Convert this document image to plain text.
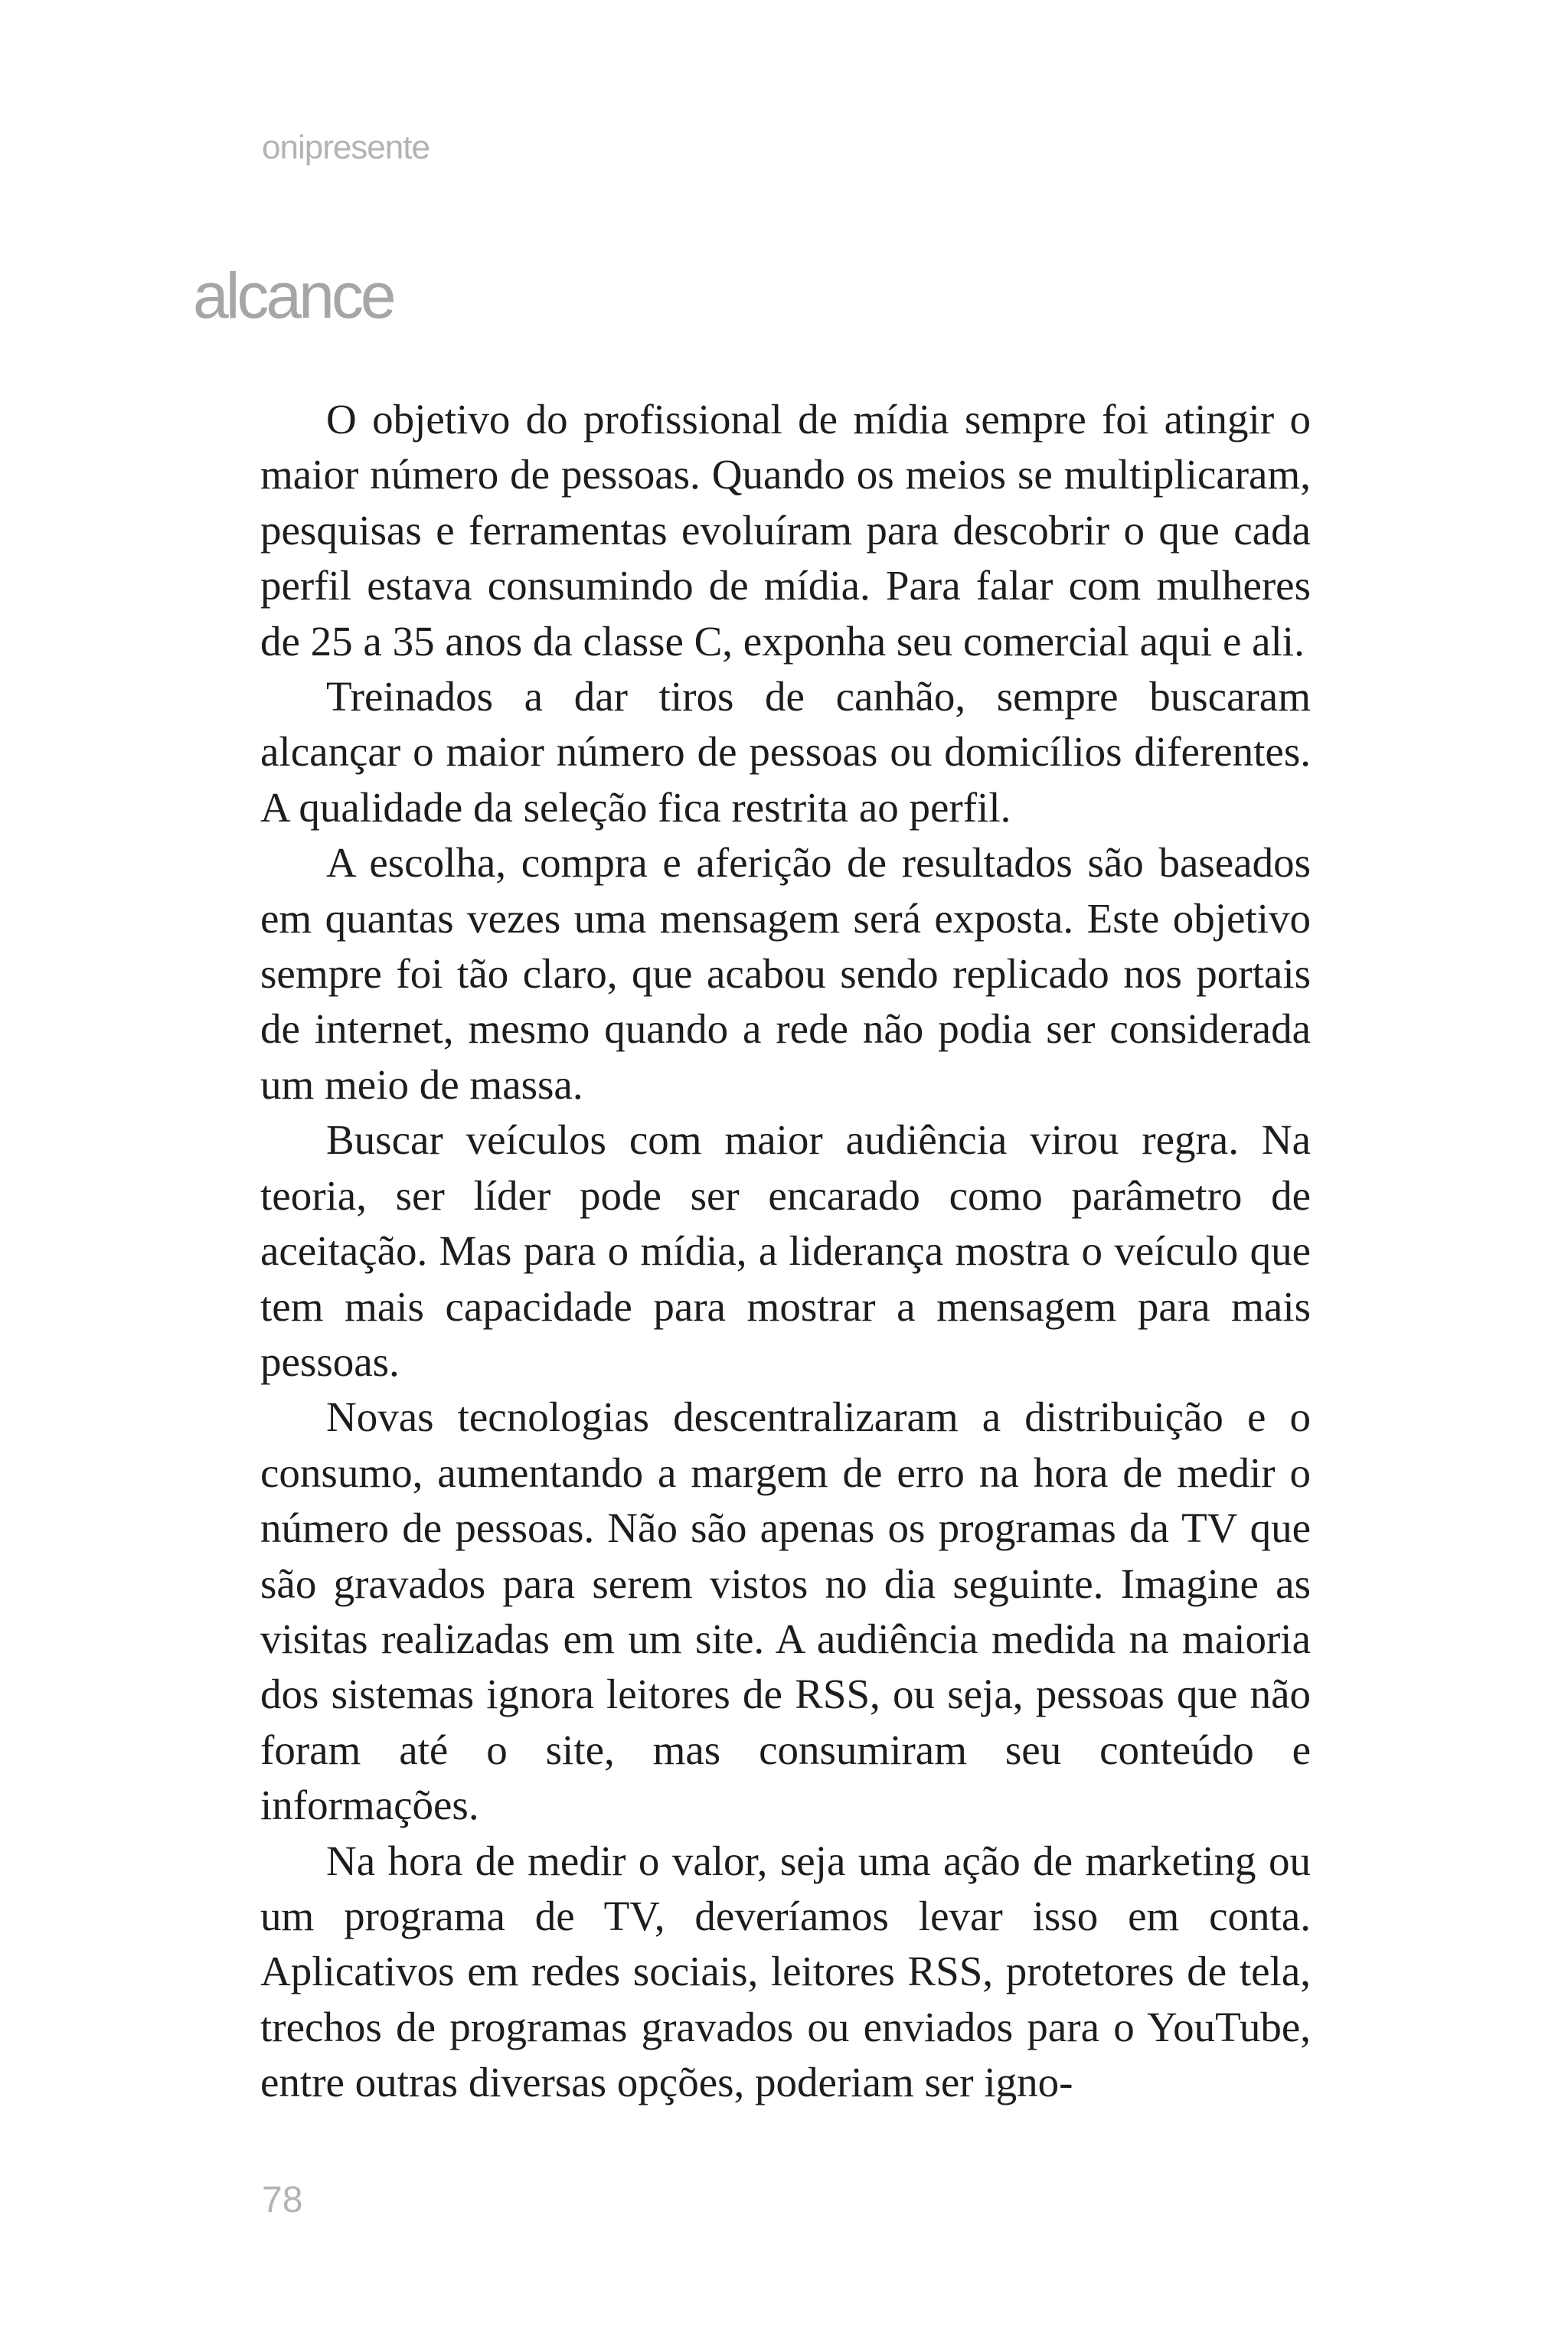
onipresente
alcance

O objetivo do profissional de mídia sempre foi atingir o maior número de pessoas. Quando os meios se multiplicaram, pesquisas e ferramentas evoluíram para descobrir o que cada perfil estava consumindo de mídia. Para falar com mulheres de 25 a 35 anos da classe C, exponha seu comercial aqui e ali.

Treinados a dar tiros de canhão, sempre buscaram alcançar o maior número de pessoas ou domicílios diferentes. A qualidade da seleção fica restrita ao perfil.

A escolha, compra e aferição de resultados são baseados em quantas vezes uma mensagem será exposta. Este objetivo sempre foi tão claro, que acabou sendo replicado nos portais de internet, mesmo quando a rede não podia ser considerada um meio de massa.

Buscar veículos com maior audiência virou regra. Na teoria, ser líder pode ser encarado como parâmetro de aceitação. Mas para o mídia, a liderança mostra o veículo que tem mais capacidade para mostrar a mensagem para mais pessoas.

Novas tecnologias descentralizaram a distribuição e o consumo, aumentando a margem de erro na hora de medir o número de pessoas. Não são apenas os programas da TV que são gravados para serem vistos no dia seguinte. Imagine as visitas realizadas em um site. A audiência medida na maioria dos sistemas ignora leitores de RSS, ou seja, pessoas que não foram até o site, mas consumiram seu conteúdo e informações.

Na hora de medir o valor, seja uma ação de marketing ou um programa de TV, deveríamos levar isso em conta. Aplicativos em redes sociais, leitores RSS, protetores de tela, trechos de programas gravados ou enviados para o YouTube, entre outras diversas opções, poderiam ser igno-

78
